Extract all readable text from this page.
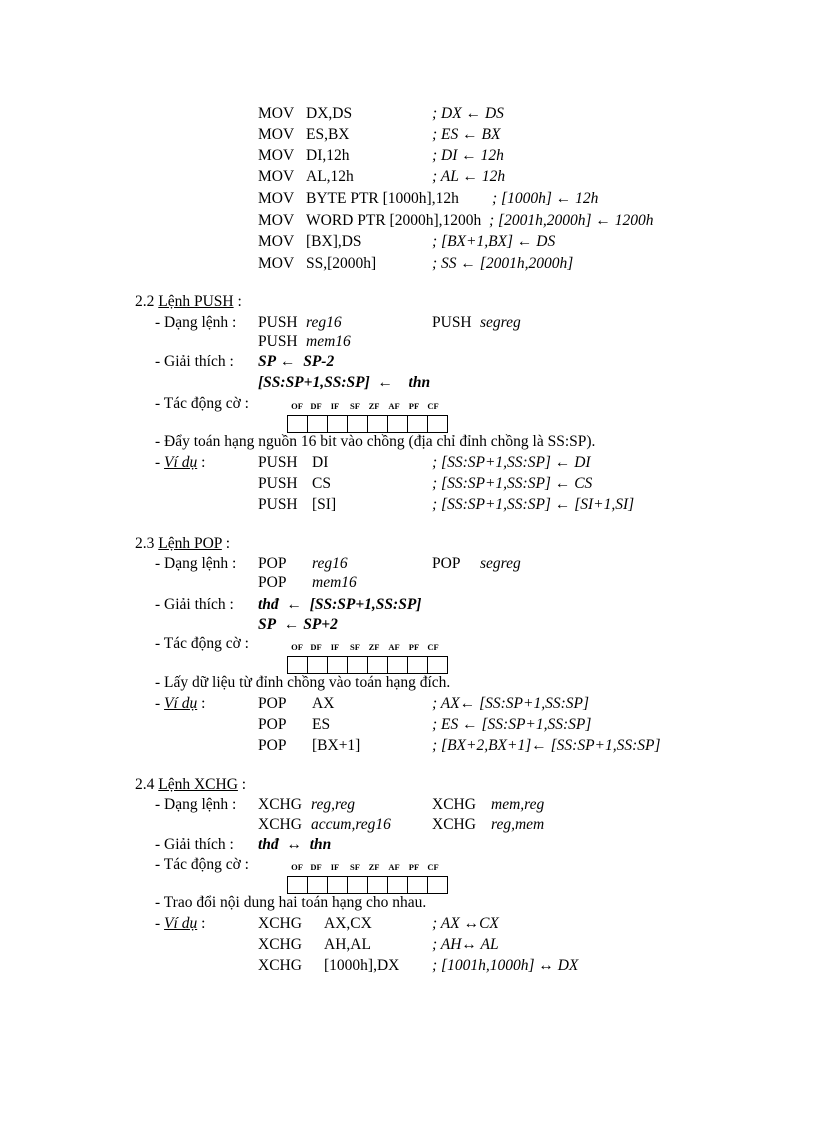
MOV DX,DS	; DX ← DS
MOV ES,BX	; ES ← BX
MOV DI,12h	; DI ← 12h
MOV AL,12h	; AL ← 12h
MOV BYTE PTR [1000h],12h ; [1000h] ← 12h
MOV WORD PTR [2000h],1200h ; [2001h,2000h] ← 1200h
MOV [BX],DS	; [BX+1,BX] ← DS
MOV SS,[2000h]	; SS ← [2001h,2000h]
2.2 Lệnh PUSH :
- Dạng lệnh : PUSH reg16	PUSH segreg
PUSH mem16
- Giải thích : SP ← SP-2
[SS:SP+1,SS:SP] ← thn
- Tác động cờ :	OF DF	IF	SF	ZF	AF	PF CF
- Đẩy toán hạng nguồn 16 bit vào chồng (địa chỉ đỉnh chồng là SS:SP).
- Ví dụ :	PUSH DI	; [SS:SP+1,SS:SP] ← DI
PUSH CS	; [SS:SP+1,SS:SP] ← CS
PUSH [SI]	; [SS:SP+1,SS:SP] ← [SI+1,SI]
2.3 Lệnh POP :
- Dạng lệnh : POP reg16	POP segreg
POP mem16
- Giải thích : thđ ← [SS:SP+1,SS:SP]
SP ← SP+2
- Tác động cờ :	OF DF	IF	SF	ZF	AF	PF CF
- Lấy dữ liệu từ đỉnh chồng vào toán hạng đích.
- Ví dụ :	POP AX	; AX← [SS:SP+1,SS:SP]
POP ES	; ES ← [SS:SP+1,SS:SP]
POP [BX+1]	; [BX+2,BX+1]← [SS:SP+1,SS:SP]
2.4 Lệnh XCHG :
- Dạng lệnh : XCHG reg,reg	XCHG mem,reg
XCHG accum,reg16	XCHG reg,mem
- Giải thích : thđ ↔ thn
- Tác động cờ :	OF DF	IF	SF	ZF	AF	PF CF
- Trao đổi nội dung hai toán hạng cho nhau.
- Ví dụ :	XCHG AX,CX	; AX ↔CX
XCHG AH,AL	; AH↔ AL
XCHG [1000h],DX ; [1001h,1000h] ↔ DX
